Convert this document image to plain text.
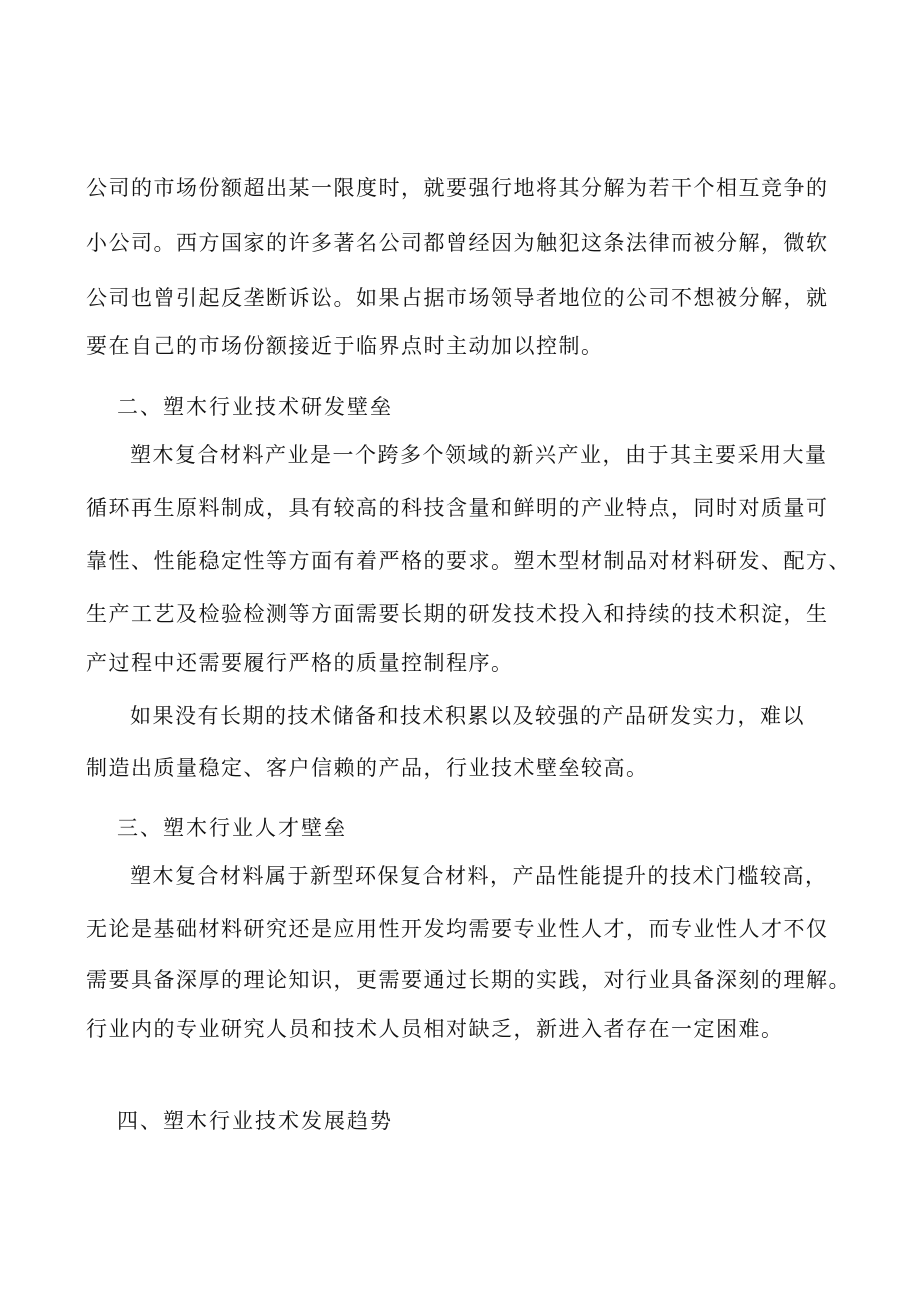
公司的市场份额超出某一限度时，就要强行地将其分解为若干个相互竞争的
小公司。西方国家的许多著名公司都曾经因为触犯这条法律而被分解，微软
公司也曾引起反垄断诉讼。如果占据市场领导者地位的公司不想被分解，就
要在自己的市场份额接近于临界点时主动加以控制。
二、塑木行业技术研发壁垒
塑木复合材料产业是一个跨多个领域的新兴产业，由于其主要采用大量
循环再生原料制成，具有较高的科技含量和鲜明的产业特点，同时对质量可
靠性、性能稳定性等方面有着严格的要求。塑木型材制品对材料研发、配方、
生产工艺及检验检测等方面需要长期的研发技术投入和持续的技术积淀，生
产过程中还需要履行严格的质量控制程序。
如果没有长期的技术储备和技术积累以及较强的产品研发实力，难以
制造出质量稳定、客户信赖的产品，行业技术壁垒较高。
三、塑木行业人才壁垒
塑木复合材料属于新型环保复合材料，产品性能提升的技术门槛较高，
无论是基础材料研究还是应用性开发均需要专业性人才，而专业性人才不仅
需要具备深厚的理论知识，更需要通过长期的实践，对行业具备深刻的理解。
行业内的专业研究人员和技术人员相对缺乏，新进入者存在一定困难。
四、塑木行业技术发展趋势
